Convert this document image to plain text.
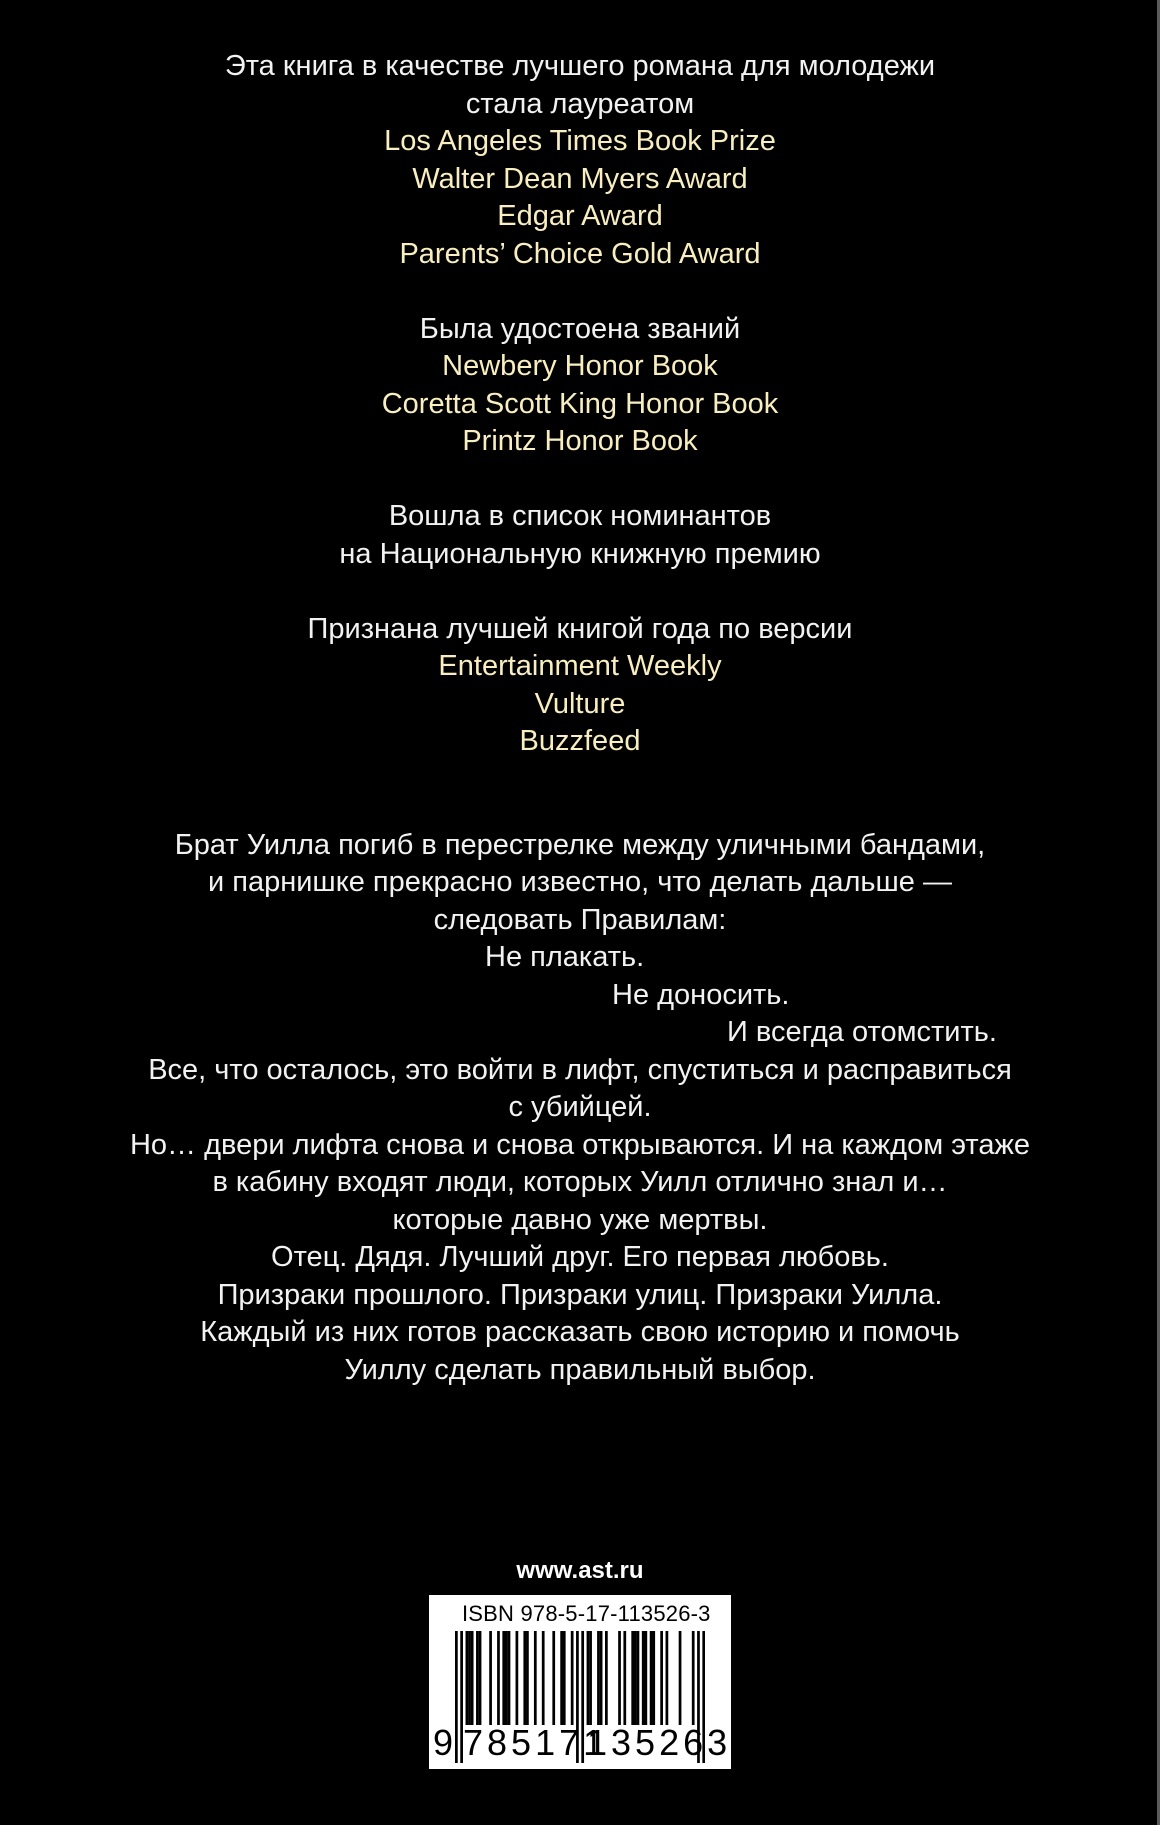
Эта книга в качестве лучшего романа для молодежи
стала лауреатом
Los Angeles Times Book Prize
Walter Dean Myers Award
Edgar Award
Parents’ Choice Gold Award
Была удостоена званий
Newbery Honor Book
Coretta Scott King Honor Book
Printz Honor Book
Вошла в список номинантов
на Национальную книжную премию
Признана лучшей книгой года по версии
Entertainment Weekly
Vulture
Buzzfeed
Брат Уилла погиб в перестрелке между уличными бандами,
и парнишке прекрасно известно, что делать дальше —
следовать Правилам:
Не плакать.
Не доносить.
И всегда отомстить.
Все, что осталось, это войти в лифт, спуститься и расправиться
с убийцей.
Но… двери лифта снова и снова открываются. И на каждом этаже
в кабину входят люди, которых Уилл отлично знал и…
которые давно уже мертвы.
Отец. Дядя. Лучший друг. Его первая любовь.
Призраки прошлого. Призраки улиц. Призраки Уилла.
Каждый из них готов рассказать свою историю и помочь
Уиллу сделать правильный выбор.
www.ast.ru
ISBN 978-5-17-113526-3
9 785171
135263
